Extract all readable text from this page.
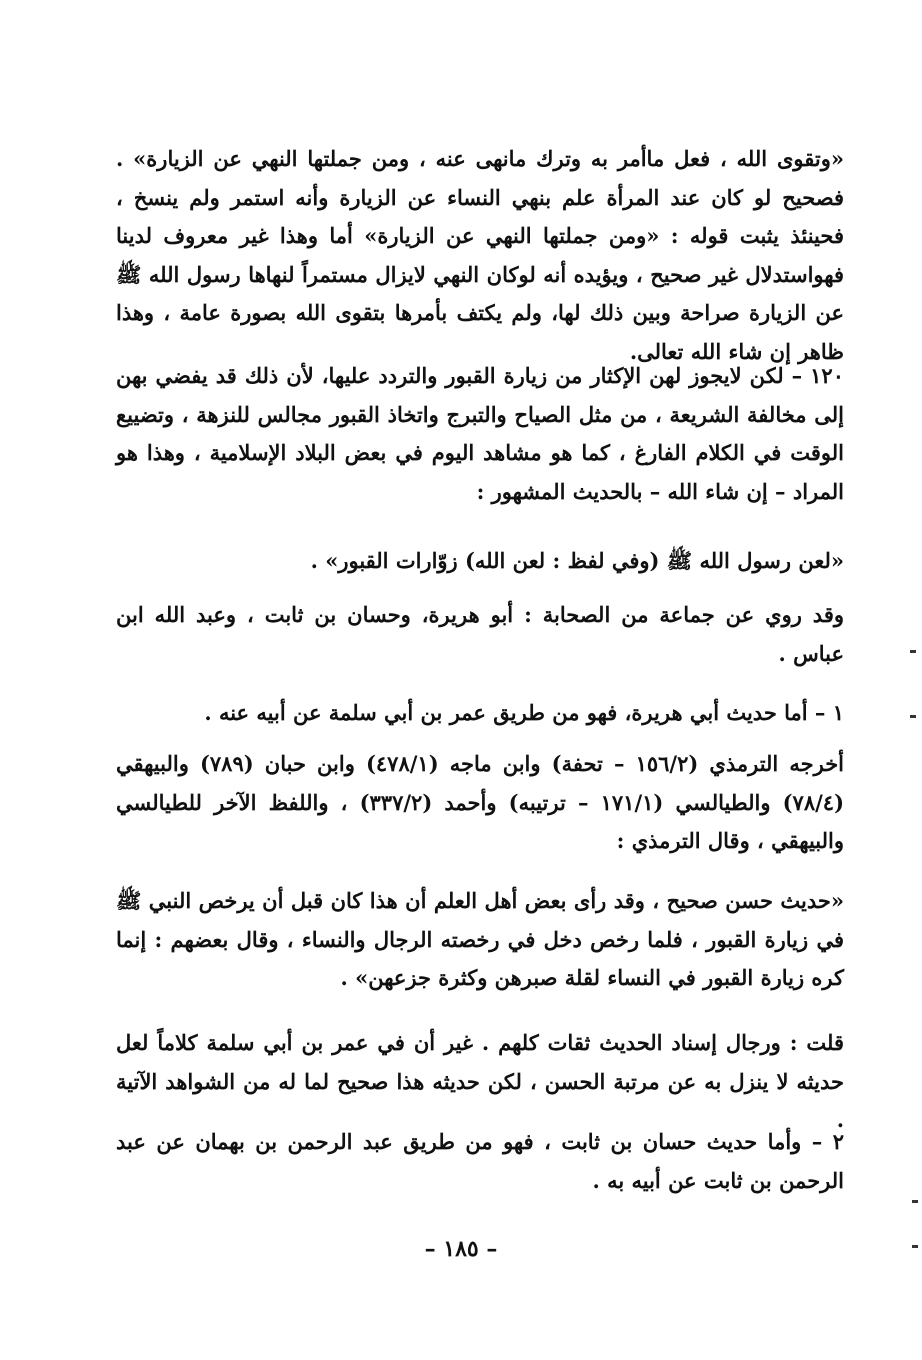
«وتقوى الله ، فعل ماأمر به وترك مانهى عنه ، ومن جملتها النهي عن الزيارة» . فصحيح لو كان عند المرأة علم بنهي النساء عن الزيارة وأنه استمر ولم ينسخ ، فحينئذ يثبت قوله : «ومن جملتها النهي عن الزيارة» أما وهذا غير معروف لدينا فهواستدلال غير صحيح ، ويؤيده أنه لوكان النهي لايزال مستمراً لنهاها رسول الله ﷺ عن الزيارة صراحة وبين ذلك لها، ولم يكتف بأمرها بتقوى الله بصورة عامة ، وهذا ظاهر إن شاء الله تعالى.
١٢٠ – لكن لايجوز لهن الإكثار من زيارة القبور والتردد عليها، لأن ذلك قد يفضي بهن إلى مخالفة الشريعة ، من مثل الصياح والتبرج واتخاذ القبور مجالس للنزهة ، وتضييع الوقت في الكلام الفارغ ، كما هو مشاهد اليوم في بعض البلاد الإسلامية ، وهذا هو المراد – إن شاء الله – بالحديث المشهور :
«لعن رسول الله ﷺ (وفي لفظ : لعن الله) زوّارات القبور» .
وقد روي عن جماعة من الصحابة : أبو هريرة، وحسان بن ثابت ، وعبد الله ابن عباس .
١ – أما حديث أبي هريرة، فهو من طريق عمر بن أبي سلمة عن أبيه عنه .
أخرجه الترمذي (١٥٦/٢ – تحفة) وابن ماجه (٤٧٨/١) وابن حبان (٧٨٩) والبيهقي (٧٨/٤) والطيالسي (١٧١/١ – ترتيبه) وأحمد (٣٣٧/٢) ، واللفظ الآخر للطيالسي والبيهقي ، وقال الترمذي :
«حديث حسن صحيح ، وقد رأى بعض أهل العلم أن هذا كان قبل أن يرخص النبي ﷺ في زيارة القبور ، فلما رخص دخل في رخصته الرجال والنساء ، وقال بعضهم : إنما كره زيارة القبور في النساء لقلة صبرهن وكثرة جزعهن» .
قلت : ورجال إسناد الحديث ثقات كلهم . غير أن في عمر بن أبي سلمة كلاماً لعل حديثه لا ينزل به عن مرتبة الحسن ، لكن حديثه هذا صحيح لما له من الشواهد الآتية .
٢ – وأما حديث حسان بن ثابت ، فهو من طريق عبد الرحمن بن بهمان عن عبد الرحمن بن ثابت عن أبيه به .
– ١٨٥ –
